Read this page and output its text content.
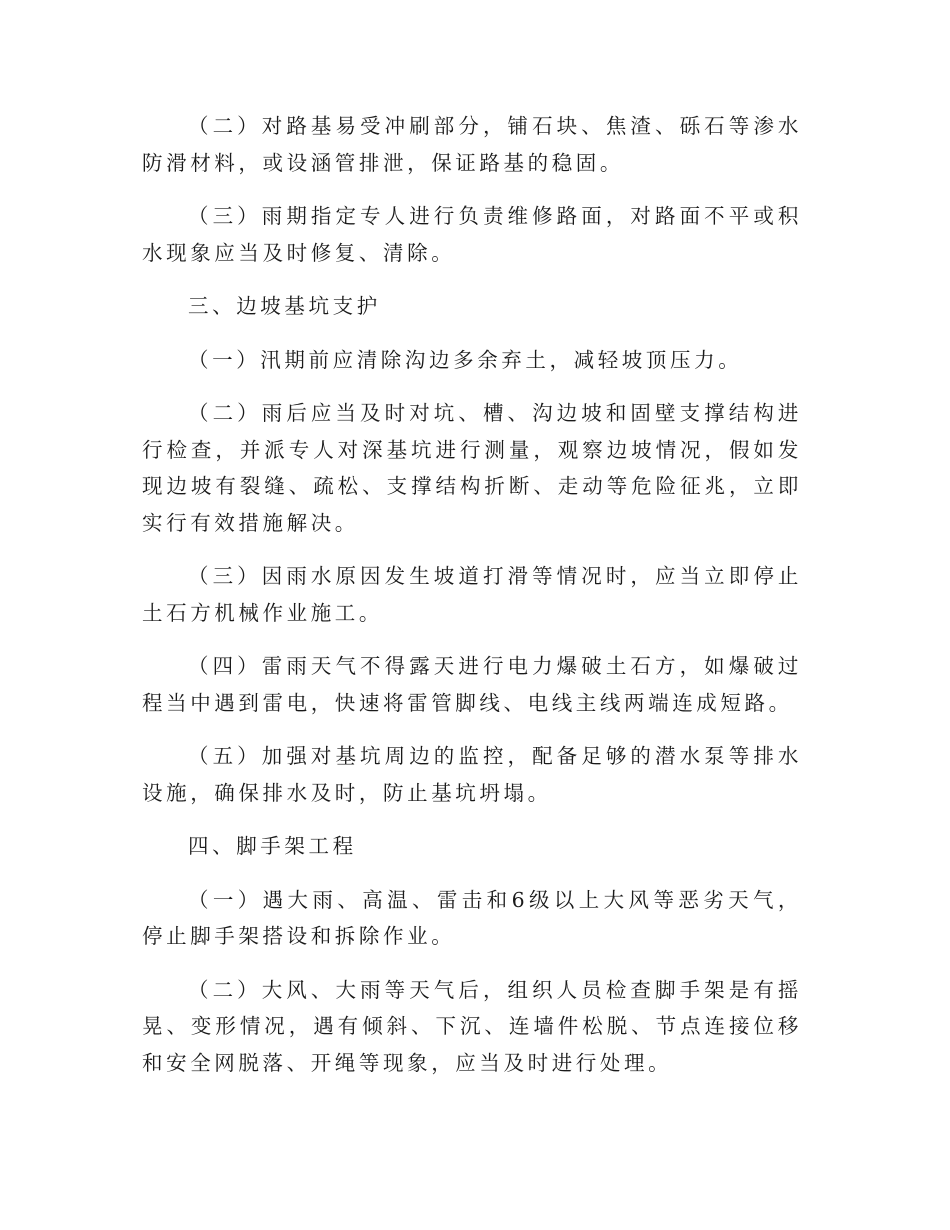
（二）对路基易受冲刷部分，铺石块、焦渣、砾石等渗水防滑材料，或设涵管排泄，保证路基的稳固。

（三）雨期指定专人进行负责维修路面，对路面不平或积水现象应当及时修复、清除。

三、边坡基坑支护

（一）汛期前应清除沟边多余弃土，减轻坡顶压力。

（二）雨后应当及时对坑、槽、沟边坡和固壁支撑结构进行检查，并派专人对深基坑进行测量，观察边坡情况，假如发现边坡有裂缝、疏松、支撑结构折断、走动等危险征兆，立即实行有效措施解决。

（三）因雨水原因发生坡道打滑等情况时，应当立即停止土石方机械作业施工。

（四）雷雨天气不得露天进行电力爆破土石方，如爆破过程当中遇到雷电，快速将雷管脚线、电线主线两端连成短路。

（五）加强对基坑周边的监控，配备足够的潜水泵等排水设施，确保排水及时，防止基坑坍塌。

四、脚手架工程

（一）遇大雨、高温、雷击和6级以上大风等恶劣天气，停止脚手架搭设和拆除作业。

（二）大风、大雨等天气后，组织人员检查脚手架是有摇晃、变形情况，遇有倾斜、下沉、连墙件松脱、节点连接位移和安全网脱落、开绳等现象，应当及时进行处理。
